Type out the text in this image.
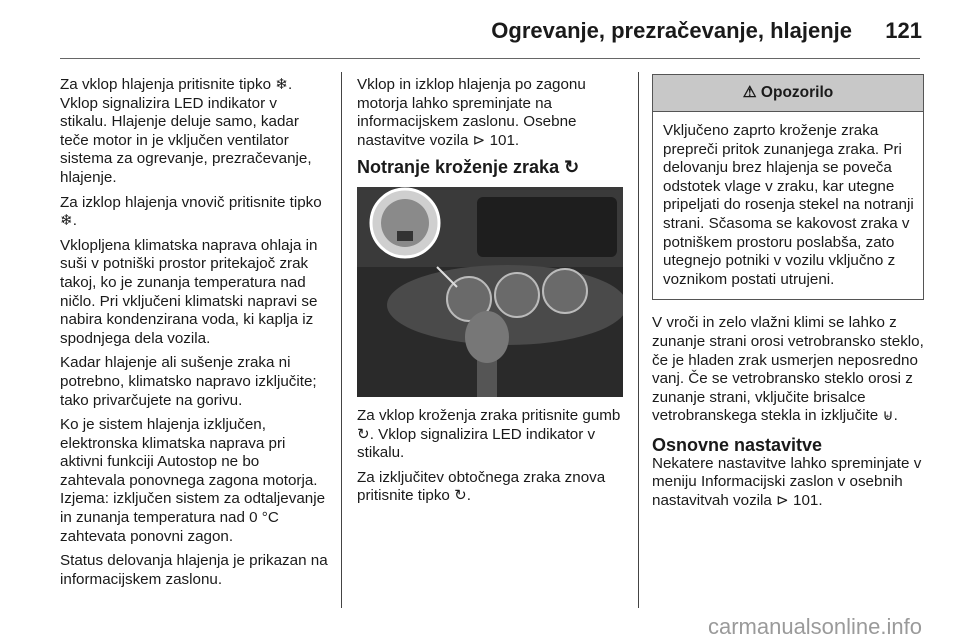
Ogrevanje, prezračevanje, hlajenje 121

Za vklop hlajenja pritisnite tipko ❄. Vklop signalizira LED indikator v stikalu. Hlajenje deluje samo, kadar teče motor in je vključen ventilator sistema za ogrevanje, prezračevanje, hlajenje.

Za izklop hlajenja vnovič pritisnite tipko ❄.

Vklopljena klimatska naprava ohlaja in suši v potniški prostor pritekajoč zrak takoj, ko je zunanja temperatura nad ničlo. Pri vključeni klimatski napravi se nabira kondenzirana voda, ki kaplja iz spodnjega dela vozila.

Kadar hlajenje ali sušenje zraka ni potrebno, klimatsko napravo izključite; tako privarčujete na gorivu.

Ko je sistem hlajenja izključen, elektronska klimatska naprava pri aktivni funkciji Autostop ne bo zahtevala ponovnega zagona motorja. Izjema: izključen sistem za odtaljevanje in zunanja temperatura nad 0 °C zahtevata ponovni zagon.

Status delovanja hlajenja je prikazan na informacijskem zaslonu.

Vklop in izklop hlajenja po zagonu motorja lahko spreminjate na informacijskem zaslonu. Osebne nastavitve vozila ⊳ 101.

Notranje kroženje zraka ↻

Za vklop kroženja zraka pritisnite gumb ↻. Vklop signalizira LED indikator v stikalu.

Za izključitev obtočnega zraka znova pritisnite tipko ↻.

⚠ Opozorilo
Vključeno zaprto kroženje zraka prepreči pritok zunanjega zraka. Pri delovanju brez hlajenja se poveča odstotek vlage v zraku, kar utegne pripeljati do rosenja stekel na notranji strani. Sčasoma se kakovost zraka v potniškem prostoru poslabša, zato utegnejo potniki v vozilu vključno z voznikom postati utrujeni.

V vroči in zelo vlažni klimi se lahko z zunanje strani orosi vetrobransko steklo, če je hladen zrak usmerjen neposredno vanj. Če se vetrobransko steklo orosi z zunanje strani, vključite brisalce vetrobranskega stekla in izključite ⊌.

Osnovne nastavitve

Nekatere nastavitve lahko spreminjate v meniju Informacijski zaslon v osebnih nastavitvah vozila ⊳ 101.

carmanualsonline.info
